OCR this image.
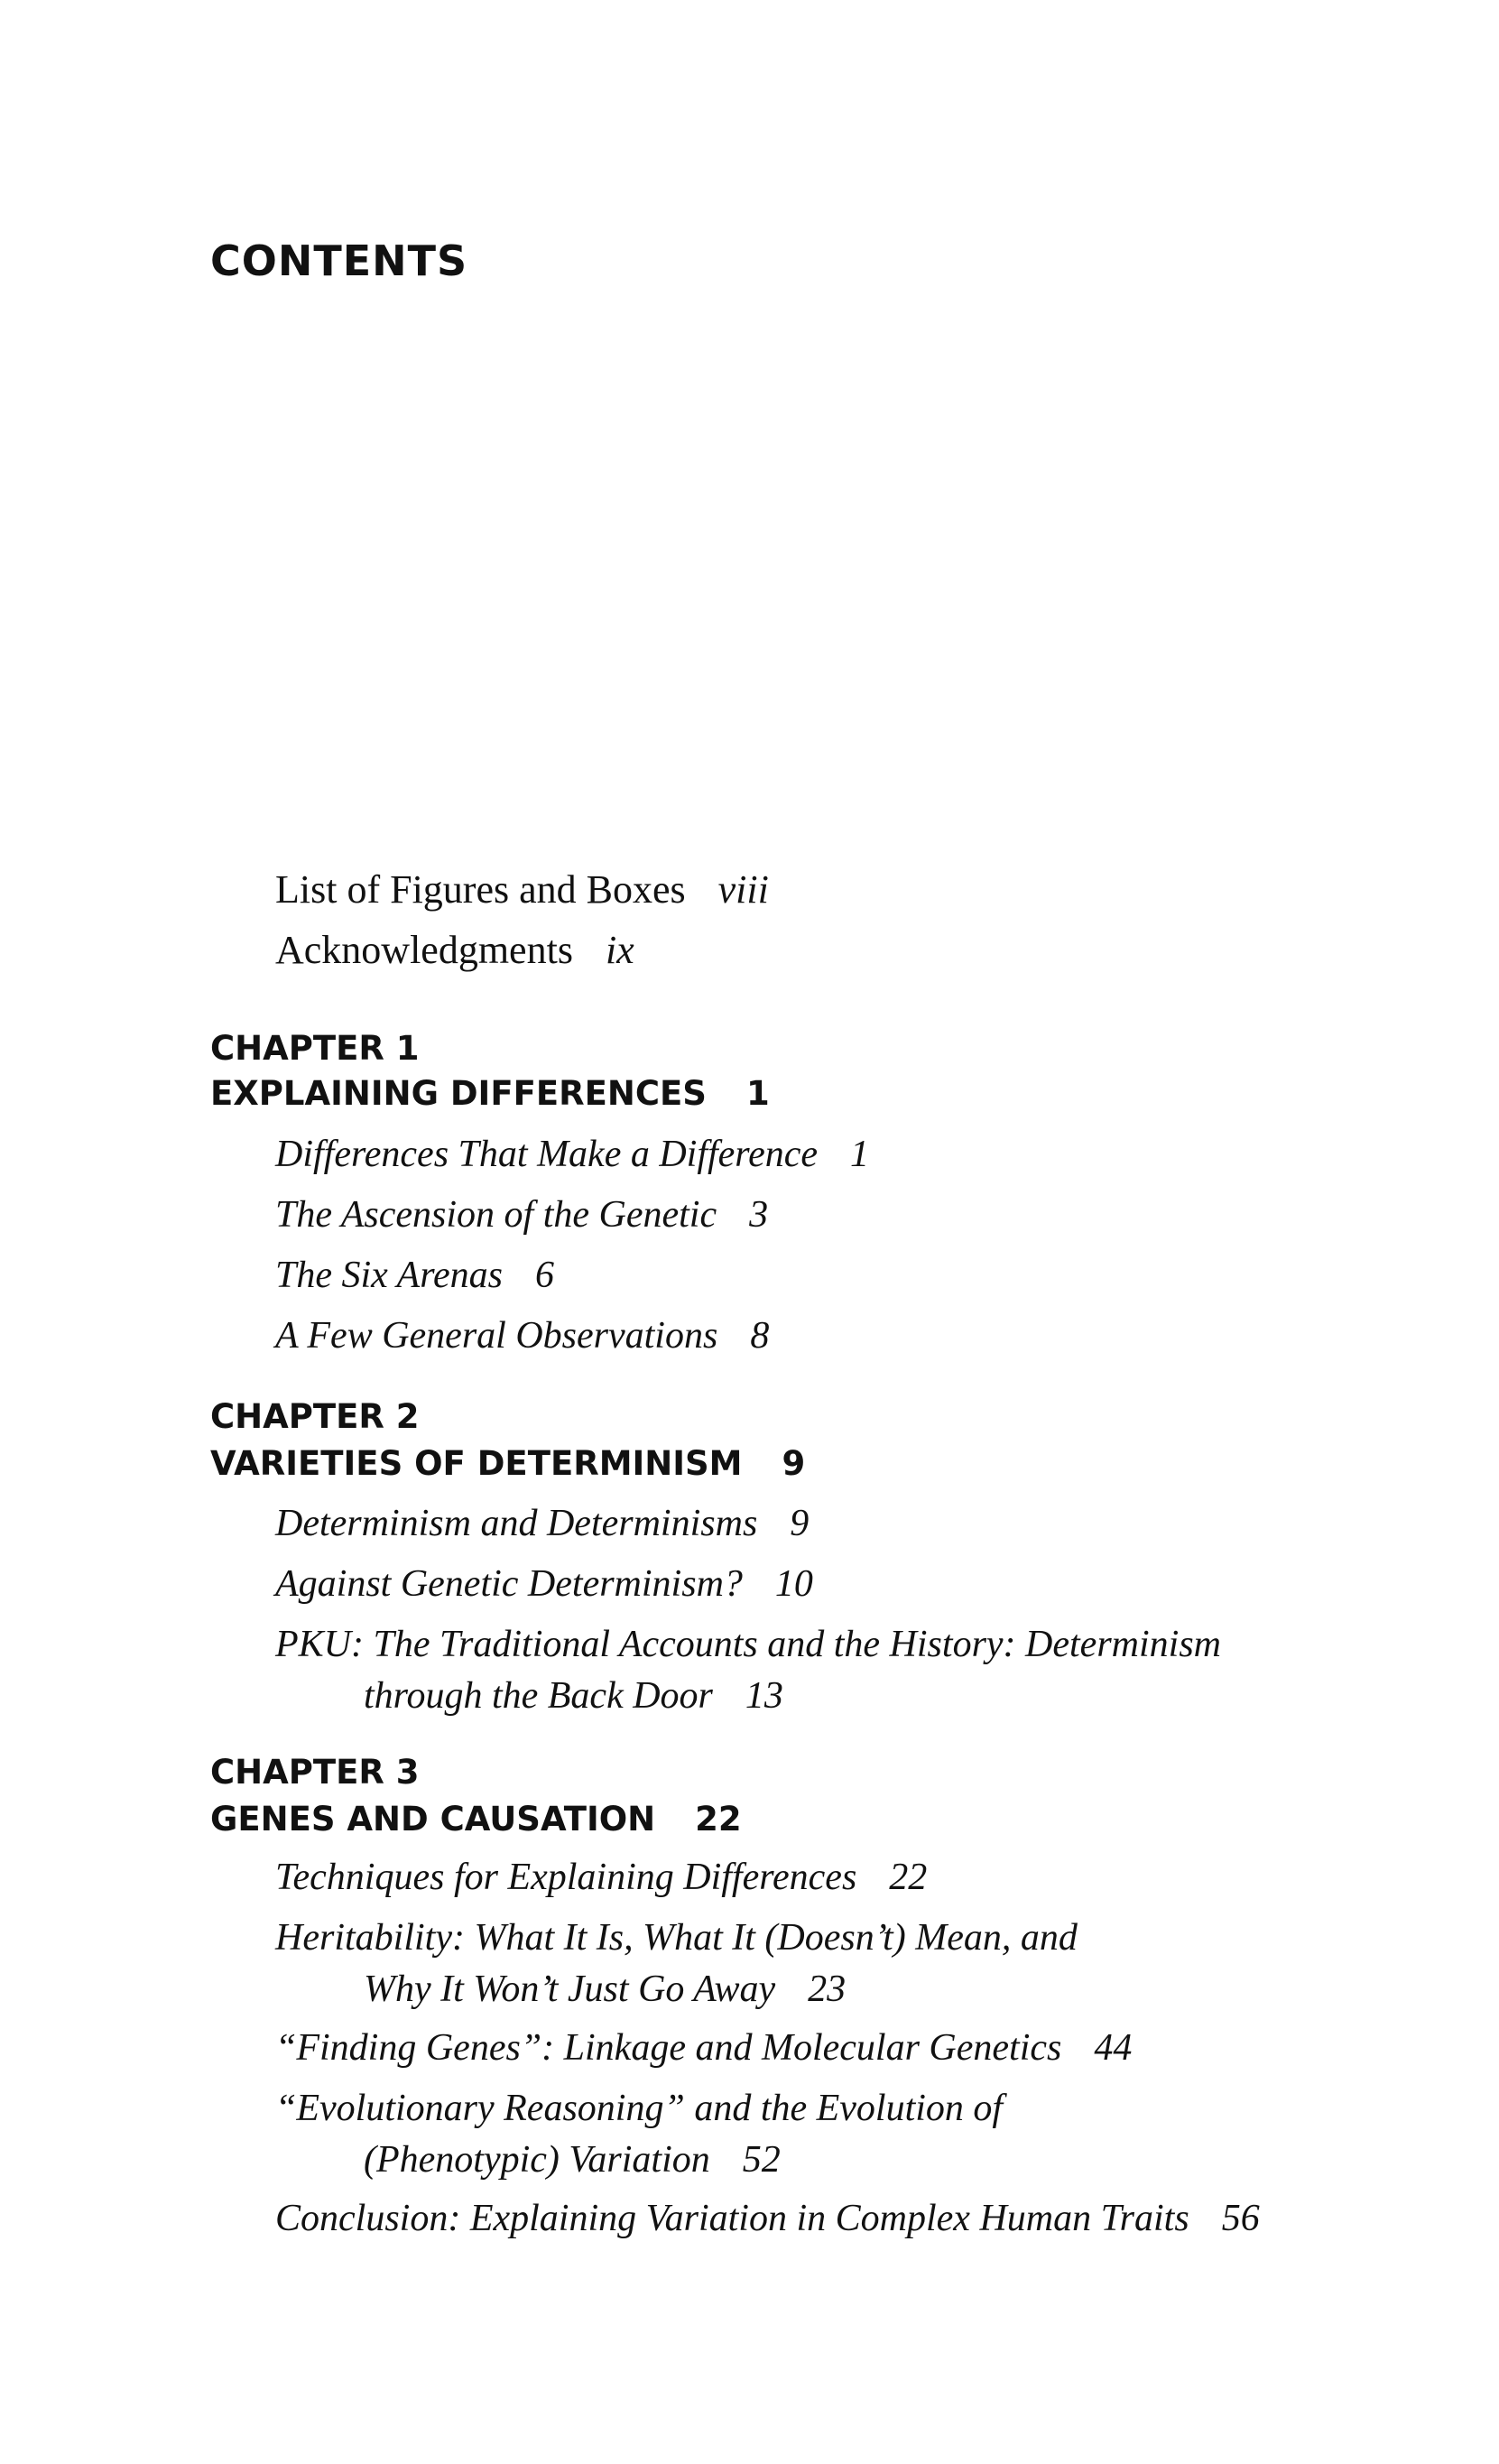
CONTENTS
List of Figures and Boxes viii
Acknowledgments ix
CHAPTER 1
EXPLAINING DIFFERENCES 1
Differences That Make a Difference 1
The Ascension of the Genetic 3
The Six Arenas 6
A Few General Observations 8
CHAPTER 2
VARIETIES OF DETERMINISM 9
Determinism and Determinisms 9
Against Genetic Determinism? 10
PKU: The Traditional Accounts and the History: Determinism
through the Back Door 13
CHAPTER 3
GENES AND CAUSATION 22
Techniques for Explaining Differences 22
Heritability: What It Is, What It (Doesn’t) Mean, and
Why It Won’t Just Go Away 23
“Finding Genes”: Linkage and Molecular Genetics 44
“Evolutionary Reasoning” and the Evolution of
(Phenotypic) Variation 52
Conclusion: Explaining Variation in Complex Human Traits 56
